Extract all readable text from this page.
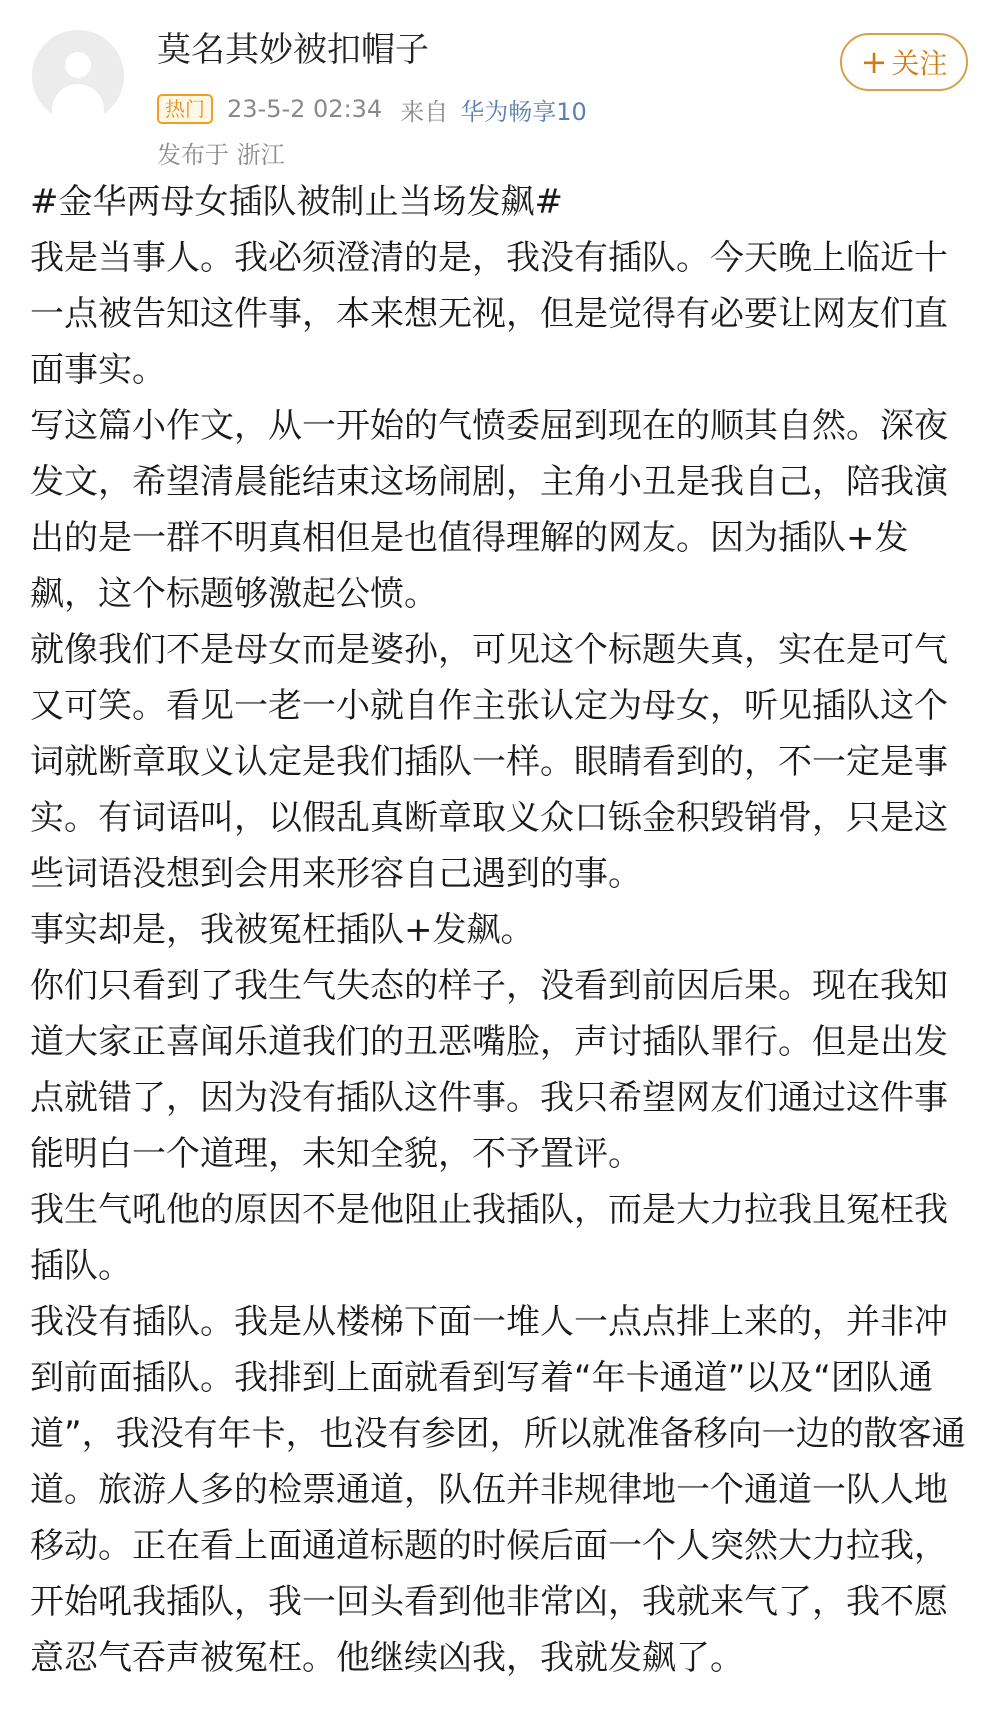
莫名其妙被扣帽子
热门 23-5-2 02:34 来自 华为畅享10
发布于 浙江
+ 关注

#金华两母女插队被制止当场发飙#

我是当事人。我必须澄清的是，我没有插队。今天晚上临近十一点被告知这件事，本来想无视，但是觉得有必要让网友们直面事实。

写这篇小作文，从一开始的气愤委屈到现在的顺其自然。深夜发文，希望清晨能结束这场闹剧，主角小丑是我自己，陪我演出的是一群不明真相但是也值得理解的网友。因为插队+发飙，这个标题够激起公愤。

就像我们不是母女而是婆孙，可见这个标题失真，实在是可气又可笑。看见一老一小就自作主张认定为母女，听见插队这个词就断章取义认定是我们插队一样。眼睛看到的，不一定是事实。有词语叫，以假乱真断章取义众口铄金积毁销骨，只是这些词语没想到会用来形容自己遇到的事。

事实却是，我被冤枉插队+发飙。

你们只看到了我生气失态的样子，没看到前因后果。现在我知道大家正喜闻乐道我们的丑恶嘴脸，声讨插队罪行。但是出发点就错了，因为没有插队这件事。我只希望网友们通过这件事能明白一个道理，未知全貌，不予置评。

我生气吼他的原因不是他阻止我插队，而是大力拉我且冤枉我插队。

我没有插队。我是从楼梯下面一堆人一点点排上来的，并非冲到前面插队。我排到上面就看到写着“年卡通道”以及“团队通道”，我没有年卡，也没有参团，所以就准备移向一边的散客通道。旅游人多的检票通道，队伍并非规律地一个通道一队人地移动。正在看上面通道标题的时候后面一个人突然大力拉我，开始吼我插队，我一回头看到他非常凶，我就来气了，我不愿意忍气吞声被冤枉。他继续凶我，我就发飙了。
